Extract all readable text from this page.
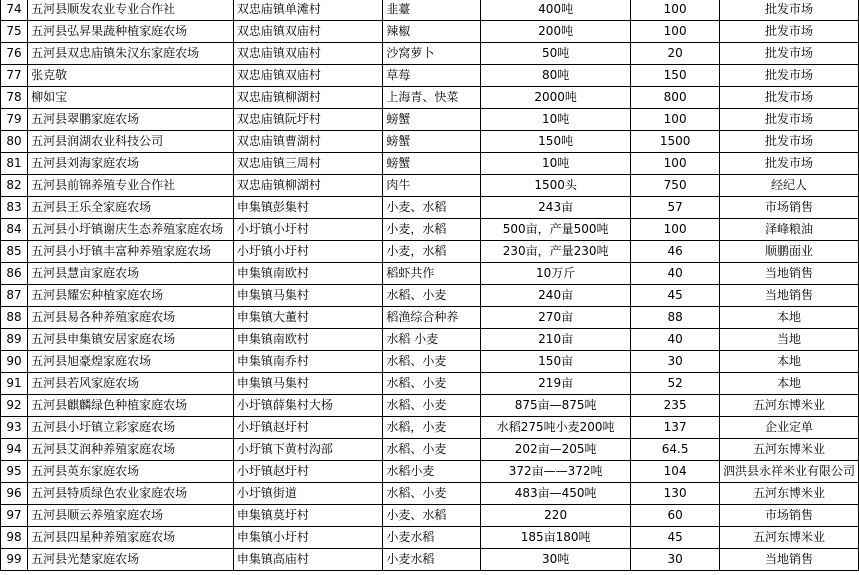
74	五河县顺发农业专业合作社	双忠庙镇单滩村	韭薹	400吨	100	批发市场
75	五河县弘昇果蔬种植家庭农场	双忠庙镇双庙村	辣椒	200吨	100	批发市场
76	五河县双忠庙镇朱汉东家庭农场	双忠庙镇双庙村	沙窝萝卜	50吨	20	批发市场
77	张克敬	双忠庙镇双庙村	草莓	80吨	150	批发市场
78	柳如宝	双忠庙镇柳湖村	上海青、快菜	2000吨	800	批发市场
79	五河县翠鹏家庭农场	双忠庙镇阮圩村	螃蟹	10吨	100	批发市场
80	五河县润湖农业科技公司	双忠庙镇曹湖村	螃蟹	150吨	1500	批发市场
81	五河县刘海家庭农场	双忠庙镇三周村	螃蟹	10吨	100	批发市场
82	五河县前锦养殖专业合作社	双忠庙镇柳湖村	肉牛	1500头	750	经纪人
83	五河县王乐全家庭农场	申集镇彭集村	小麦、水稻	243亩	57	市场销售
84	五河县小圩镇谢庆生态养殖家庭农场	小圩镇小圩村	小麦，水稻	500亩，产量500吨	100	泽峰粮油
85	五河县小圩镇丰富种养殖家庭农场	小圩镇小圩村	小麦，水稻	230亩，产量230吨	46	顺鹏面业
86	五河县慧亩家庭农场	申集镇南欧村	稻虾共作	10万斤	40	当地销售
87	五河县耀宏种植家庭农场	申集镇马集村	水稻、小麦	240亩	45	当地销售
88	五河县易各种养殖家庭农场	申集镇大董村	稻渔综合种养	270亩	88	本地
89	五河县申集镇安居家庭农场	申集镇南欧村	水稻 小麦	210亩	40	当地
90	五河县旭豪煌家庭农场	申集镇南乔村	水稻、小麦	150亩	30	本地
91	五河县若风家庭农场	申集镇马集村	水稻、小麦	219亩	52	本地
92	五河县麒麟绿色种植家庭农场	小圩镇薛集村大杨	水稻、小麦	875亩—875吨	235	五河东博米业
93	五河县小圩镇立彩家庭农场	小圩镇赵圩村	水稻，小麦	水稻275吨小麦200吨	137	企业定单
94	五河县艾润种养殖家庭农场	小圩镇下黄村沟部	水稻、小麦	202亩—205吨	64.5	五河东博米业
95	五河县英东家庭农场	小圩镇赵圩村	水稻小麦	372亩——372吨	104	泗洪县永祥米业有限公司
96	五河县特质绿色农业家庭农场	小圩镇街道	水稻、小麦	483亩—450吨	130	五河东博米业
97	五河县顺云养殖家庭农场	申集镇莫圩村	小麦、水稻	220	60	市场销售
98	五河县四星种养殖家庭农场	申集镇小圩村	小麦水稻	185亩180吨	45	五河东博米业
99	五河县光楚家庭农场	申集镇高庙村	小麦水稻	30吨	30	当地销售
